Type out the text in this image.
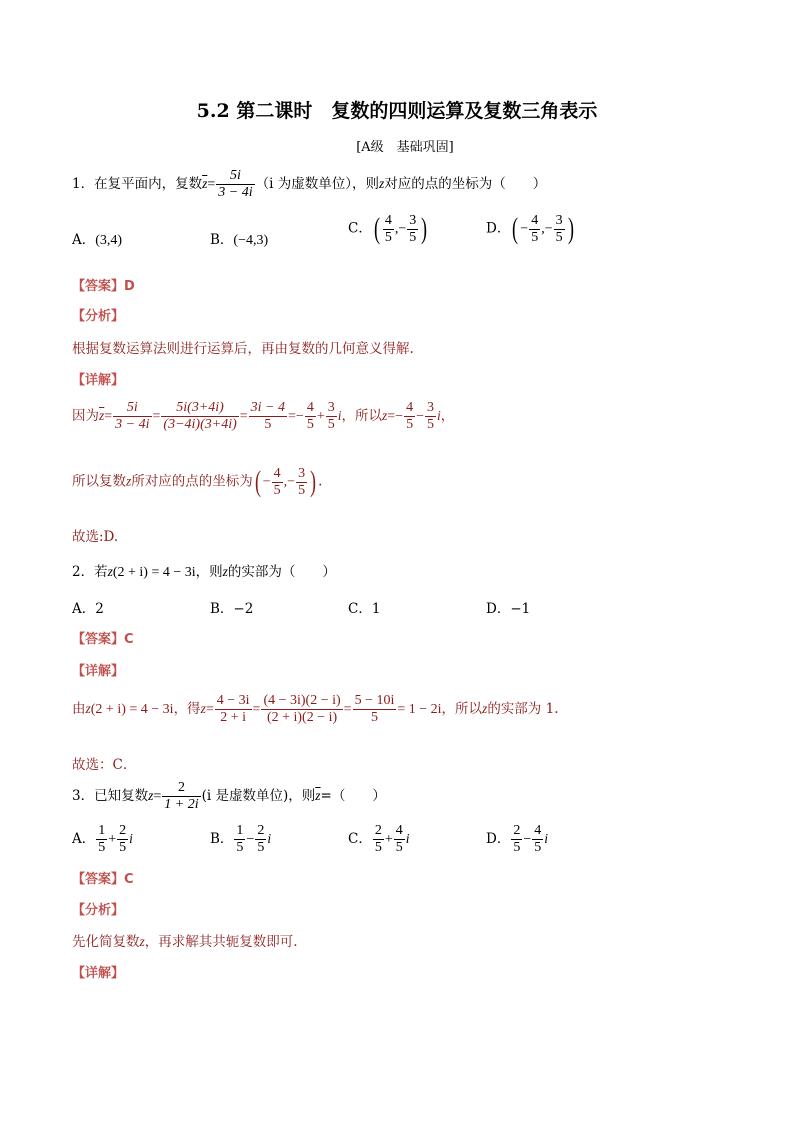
5.2 第二课时　复数的四则运算及复数三角表示
[A级　基础巩固]
1．在复平面内，复数$\overline{z}= \frac{5i}{3 - 4i} (i$ 为虚数单位），则z对应的点的坐标为（　　）
A．(3,4)	B．(−4,3)
C．( $\frac{4}{5}$ ,− $\frac{3}{5}$ )	D．( − $\frac{4}{5}$ ,− $\frac{3}{5}$ )
【答案】D
【分析】
根据复数运算法则进行运算后，再由复数的几何意义得解.
【详解】
因为$\overline{z}= \frac{5i}{3 - 4i} = \frac{5i(3+4i)}{(3-4i)(3+4i)} = \frac{3i - 4}{5} =- \frac{4}{5} + \frac{3}{5}$ i，所以$z=- \frac{4}{5} - \frac{3}{5}$ i，
所以复数z所对应的点的坐标为( − $\frac{4}{5}$ ,− $\frac{3}{5}$ ) .
故选:D.
2．若z(2 + i) = 4 − 3i，则z的实部为（　　）
A．2	B．−2	C．1	D．−1
【答案】C
【详解】
由z(2 + i) = 4 − 3i，得$z= \frac{4 - 3i}{2 + i} = \frac{(4 - 3i)(2 - i)}{(2 + i)(2 - i)} = \frac{5 - 10i}{5} = 1 - 2i$，所以z的实部为 1.
故选：C．
3．已知复数$z= \frac{2}{1 + 2i} (i$ 是虚数单位)，则$\overline{z}=$（　　）
A． $\frac{1}{5} + \frac{2}{5}$ i	B． $\frac{1}{5} - \frac{2}{5}$ i	C． $\frac{2}{5} + \frac{4}{5}$ i	D． $\frac{2}{5} - \frac{4}{5}$ i
【答案】C
【分析】
先化简复数z，再求解其共轭复数即可.
【详解】
